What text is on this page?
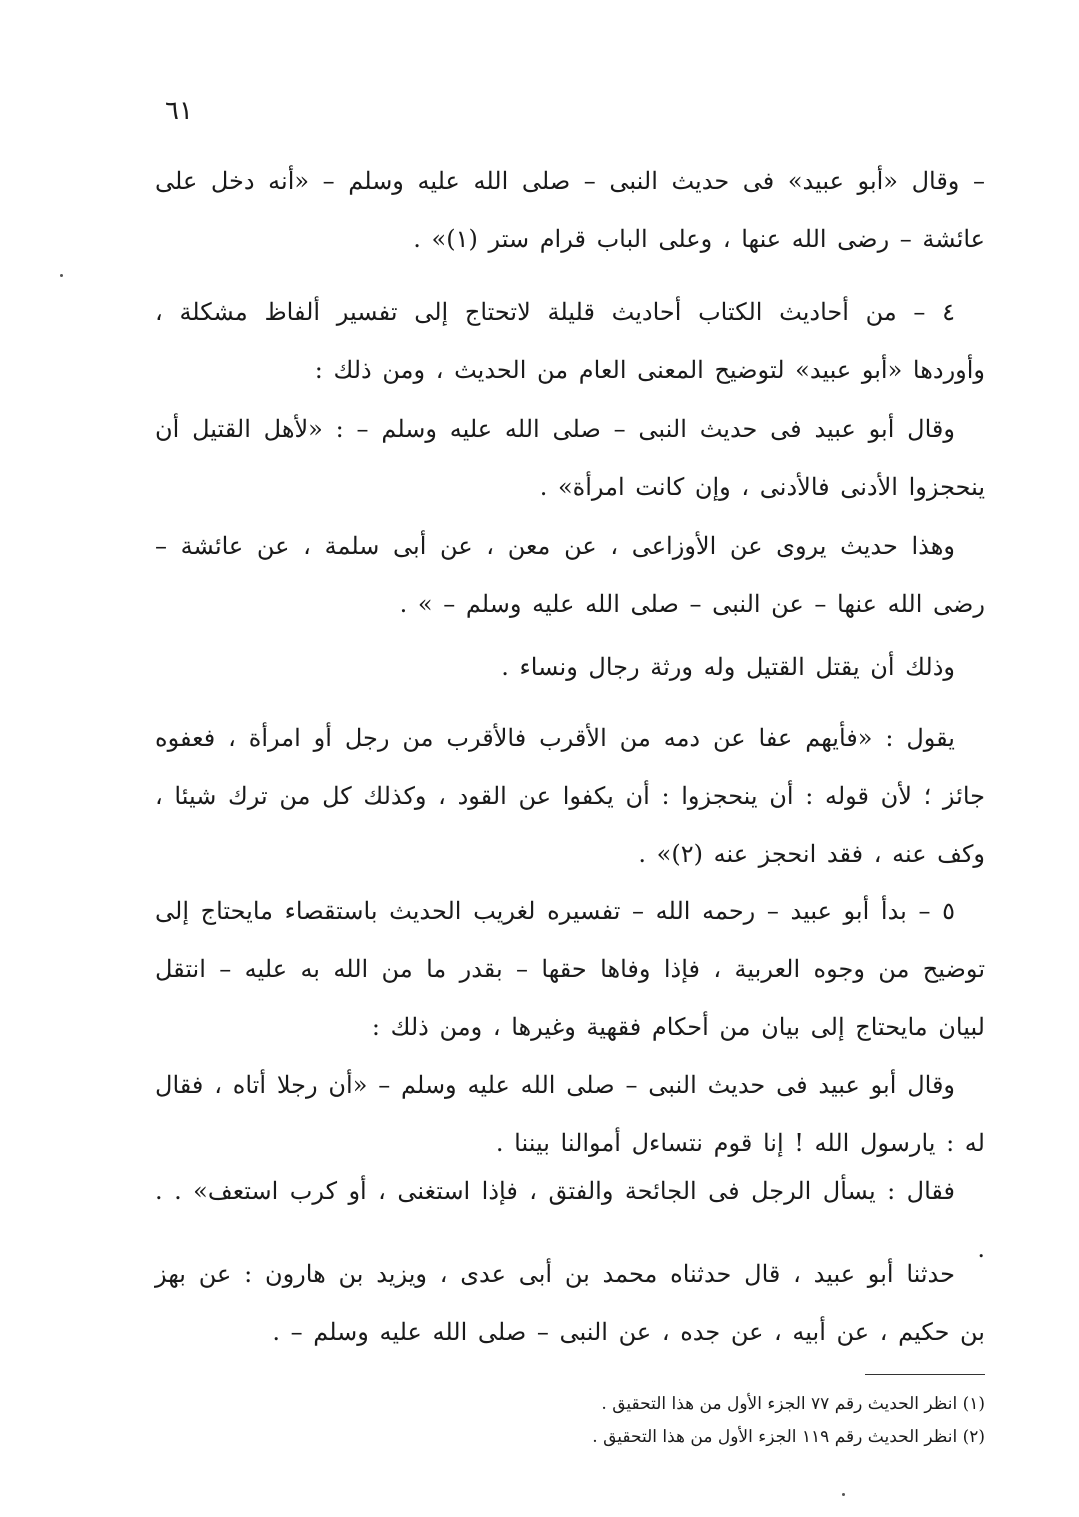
٦١
– وقال «أبو عبيد» فى حديث النبى – صلى الله عليه وسلم – «أنه دخل على عائشة – رضى الله عنها ، وعلى الباب قرام ستر (١)» .
٤ – من أحاديث الكتاب أحاديث قليلة لاتحتاج إلى تفسير ألفاظ مشكلة ، وأوردها «أبو عبيد» لتوضيح المعنى العام من الحديث ، ومن ذلك :
وقال أبو عبيد فى حديث النبى – صلى الله عليه وسلم – : «لأهل القتيل أن ينحجزوا الأدنى فالأدنى ، وإن كانت امرأة» .
وهذا حديث يروى عن الأوزاعى ، عن معن ، عن أبى سلمة ، عن عائشة – رضى الله عنها – عن النبى – صلى الله عليه وسلم – » .
وذلك أن يقتل القتيل وله ورثة رجال ونساء .
يقول : «فأيهم عفا عن دمه من الأقرب فالأقرب من رجل أو امرأة ، فعفوه جائز ؛ لأن قوله : أن ينحجزوا : أن يكفوا عن القود ، وكذلك كل من ترك شيئا ، وكف عنه ، فقد انحجز عنه (٢)» .
٥ – بدأ أبو عبيد – رحمه الله – تفسيره لغريب الحديث باستقصاء مايحتاج إلى توضيح من وجوه العربية ، فإذا وفاها حقها – بقدر ما من الله به عليه – انتقل لبيان مايحتاج إلى بيان من أحكام فقهية وغيرها ، ومن ذلك :
وقال أبو عبيد فى حديث النبى – صلى الله عليه وسلم – «أن رجلا أتاه ، فقال له : يارسول الله ! إنا قوم نتساءل أموالنا بيننا .
فقال : يسأل الرجل فى الجائحة والفتق ، فإذا استغنى ، أو كرب استعف» . . .
حدثنا أبو عبيد ، قال حدثناه محمد بن أبى عدى ، ويزيد بن هارون : عن بهز بن حكيم ، عن أبيه ، عن جده ، عن النبى – صلى الله عليه وسلم – .
(١) انظر الحديث رقم ٧٧ الجزء الأول من هذا التحقيق .
(٢) انظر الحديث رقم ١١٩ الجزء الأول من هذا التحقيق .
